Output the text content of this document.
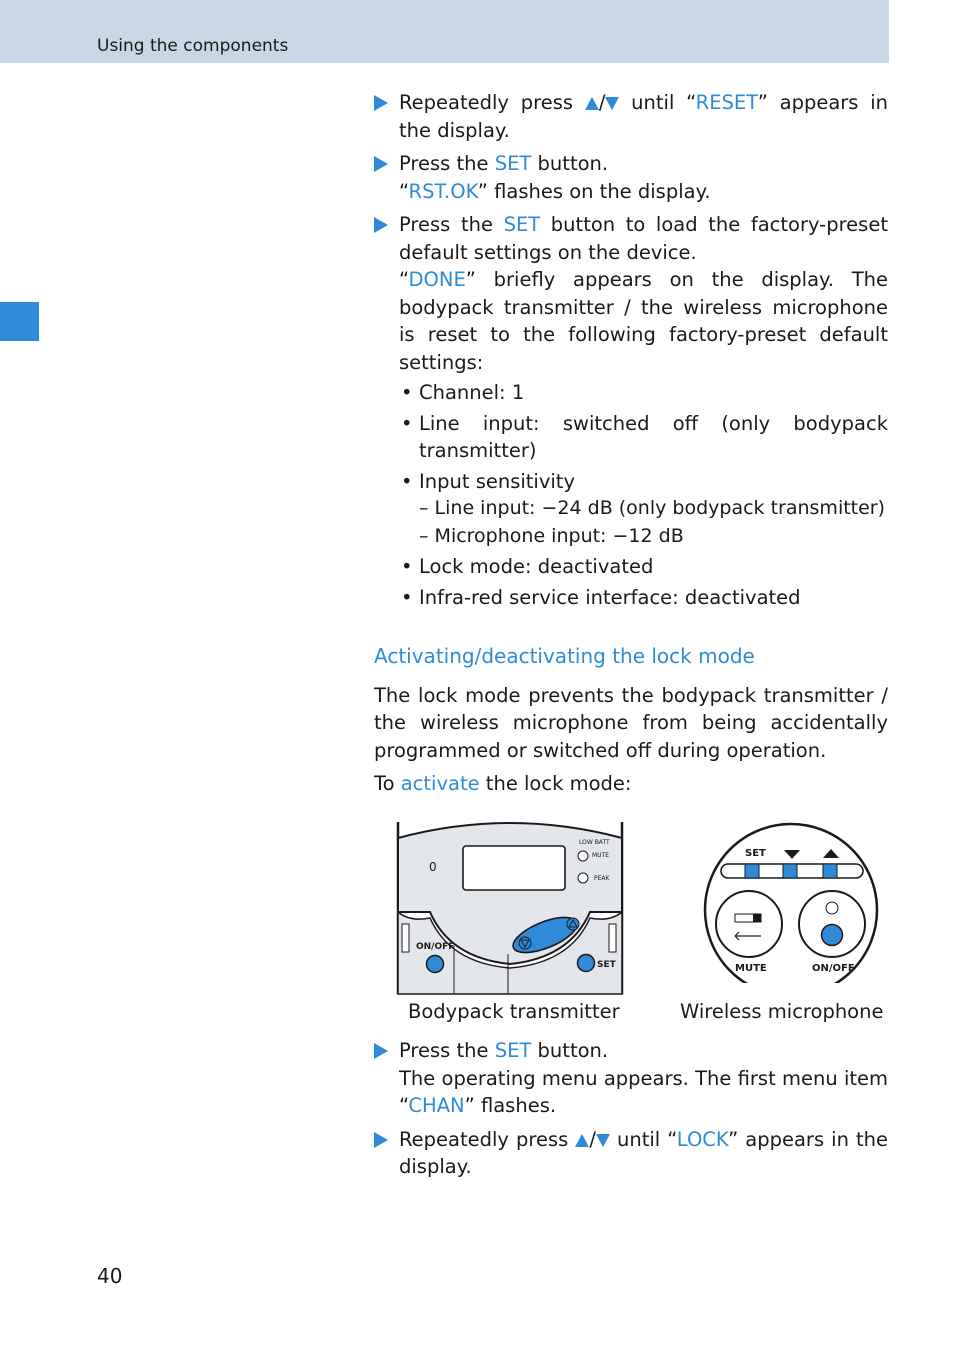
Using the components
Repeatedly press / until “RESET” appears in the display.
Press the SET button.
“RST.OK” flashes on the display.
Press the SET button to load the factory-preset default settings on the device.
“DONE” briefly appears on the display. The bodypack transmitter / the wireless microphone is reset to the following factory-preset default settings:
• Channel: 1
• Line input: switched off (only bodypack transmitter)
• Input sensitivity
– Line input: −24 dB (only bodypack transmitter)
– Microphone input: −12 dB
• Lock mode: deactivated
• Infra-red service interface: deactivated
Activating/deactivating the lock mode
The lock mode prevents the bodypack transmitter / the wireless microphone from being accidentally programmed or switched off during operation.
To activate the lock mode:
0
LOW BATT
MUTE
PEAK
ON/OFF
SET
SET
MUTE	ON/OFF
Bodypack transmitter	Wireless microphone
Press the SET button.
The operating menu appears. The first menu item “CHAN” flashes.
Repeatedly press / until “LOCK” appears in the display.
40
